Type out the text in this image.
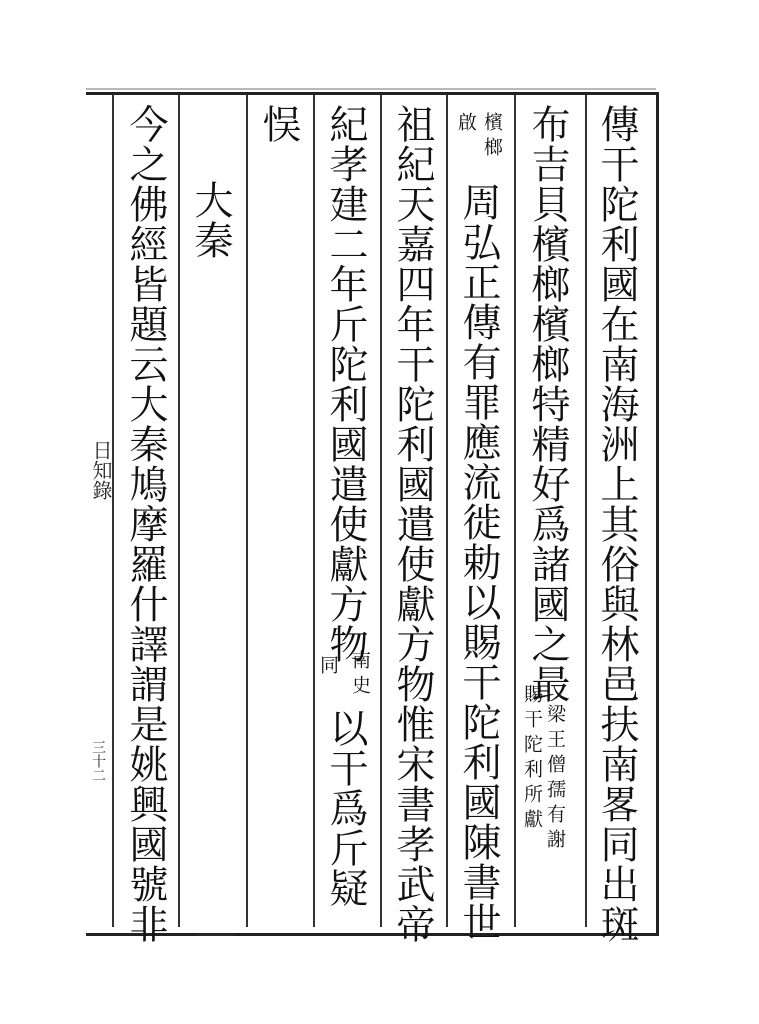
日知錄
三十二	傳干陀利國在南海洲上其俗與林邑扶南畧同出斑
布吉貝檳榔檳榔特精好爲諸國之最
梁王僧孺有謝
賜干陀利所獻
檳榔
啟
周弘正傳有罪應流徙勅以賜干陀利國陳書世
祖紀天嘉四年干陀利國遣使獻方物惟宋書孝武帝
紀孝建二年斤陀利國遣使獻方物
南史
同
以干爲斤疑
悮
大秦
今之佛經皆題云大秦鳩摩羅什譯謂是姚興國號非
